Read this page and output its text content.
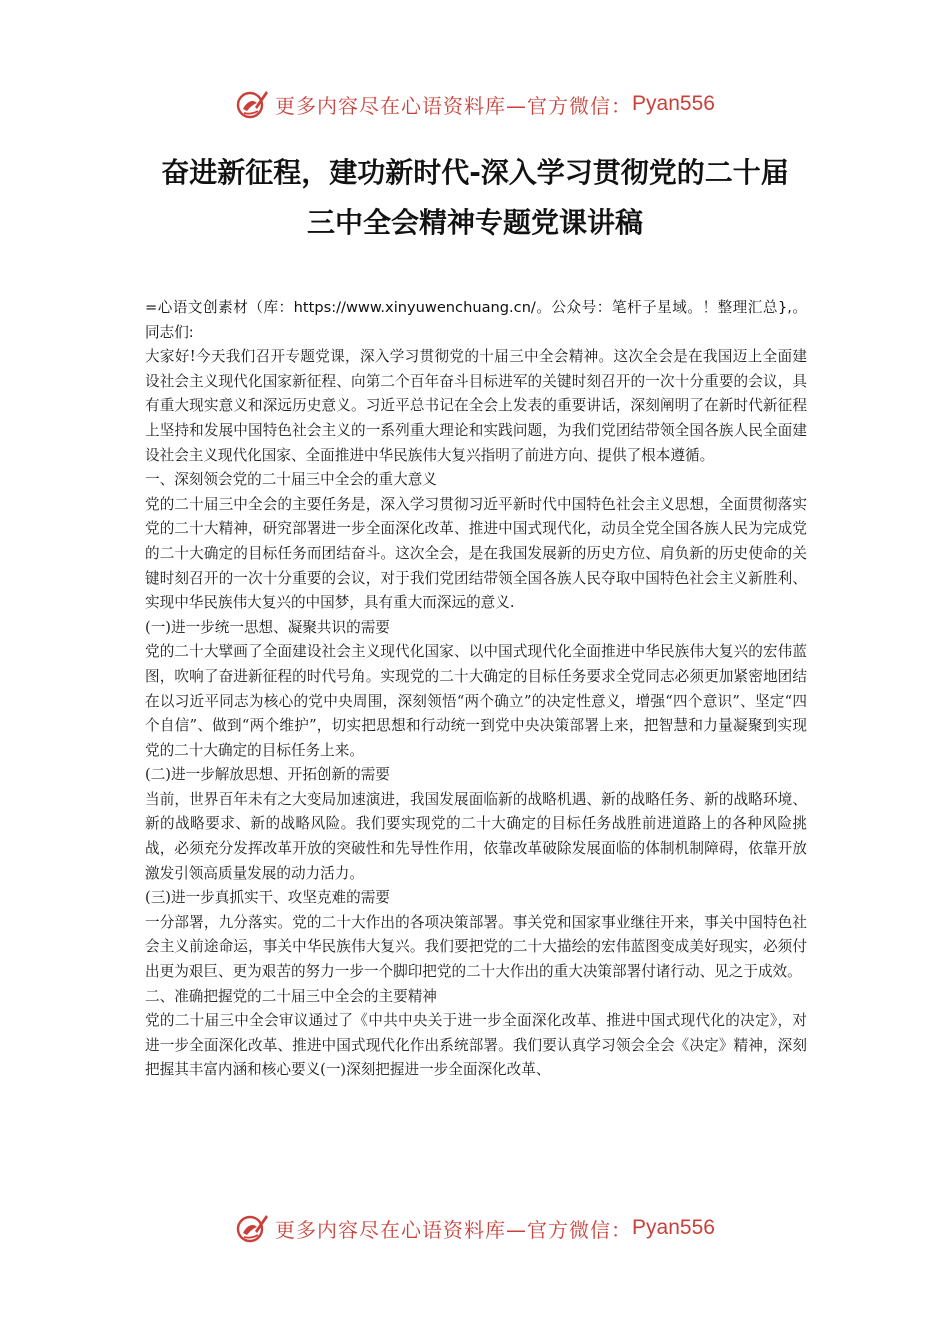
更多内容尽在心语资料库—官方微信： Pyan556
奋进新征程，建功新时代-深入学习贯彻党的二十届
三中全会精神专题党课讲稿

=心语文创素材（库：https://www.xinyuwenchuang.cn/。公众号：笔杆子星域。！整理汇总},。同志们:

大家好!今天我们召开专题党课，深入学习贯彻党的十届三中全会精神。这次全会是在我国迈上全面建设社会主义现代化国家新征程、向第二个百年奋斗目标进军的关键时刻召开的一次十分重要的会议，具有重大现实意义和深远历史意义。习近平总书记在全会上发表的重要讲话，深刻阐明了在新时代新征程上坚持和发展中国特色社会主义的一系列重大理论和实践问题，为我们党团结带领全国各族人民全面建设社会主义现代化国家、全面推进中华民族伟大复兴指明了前进方向、提供了根本遵循。

一、深刻领会党的二十届三中全会的重大意义

党的二十届三中全会的主要任务是，深入学习贯彻习近平新时代中国特色社会主义思想，全面贯彻落实党的二十大精神，研究部署进一步全面深化改革、推进中国式现代化，动员全党全国各族人民为完成党的二十大确定的目标任务而团结奋斗。这次全会，是在我国发展新的历史方位、肩负新的历史使命的关键时刻召开的一次十分重要的会议，对于我们党团结带领全国各族人民夺取中国特色社会主义新胜利、实现中华民族伟大复兴的中国梦，具有重大而深远的意义.

(一)进一步统一思想、凝聚共识的需要

党的二十大擘画了全面建设社会主义现代化国家、以中国式现代化全面推进中华民族伟大复兴的宏伟蓝图，吹响了奋进新征程的时代号角。实现党的二十大确定的目标任务要求全党同志必须更加紧密地团结在以习近平同志为核心的党中央周围，深刻领悟“两个确立”的决定性意义，增强“四个意识”、坚定“四个自信”、做到“两个维护”，切实把思想和行动统一到党中央决策部署上来，把智慧和力量凝聚到实现党的二十大确定的目标任务上来。

(二)进一步解放思想、开拓创新的需要

当前，世界百年未有之大变局加速演进，我国发展面临新的战略机遇、新的战略任务、新的战略环境、新的战略要求、新的战略风险。我们要实现党的二十大确定的目标任务战胜前进道路上的各种风险挑战，必须充分发挥改革开放的突破性和先导性作用，依靠改革破除发展面临的体制机制障碍，依靠开放激发引领高质量发展的动力活力。

(三)进一步真抓实干、攻坚克难的需要

一分部署，九分落实。党的二十大作出的各项决策部署。事关党和国家事业继往开来，事关中国特色社会主义前途命运，事关中华民族伟大复兴。我们要把党的二十大描绘的宏伟蓝图变成美好现实，必须付出更为艰巨、更为艰苦的努力一步一个脚印把党的二十大作出的重大决策部署付诸行动、见之于成效。

二、准确把握党的二十届三中全会的主要精神

党的二十届三中全会审议通过了《中共中央关于进一步全面深化改革、推进中国式现代化的决定》，对进一步全面深化改革、推进中国式现代化作出系统部署。我们要认真学习领会全会《决定》精神，深刻把握其丰富内涵和核心要义(一)深刻把握进一步全面深化改革、

更多内容尽在心语资料库—官方微信： Pyan556
